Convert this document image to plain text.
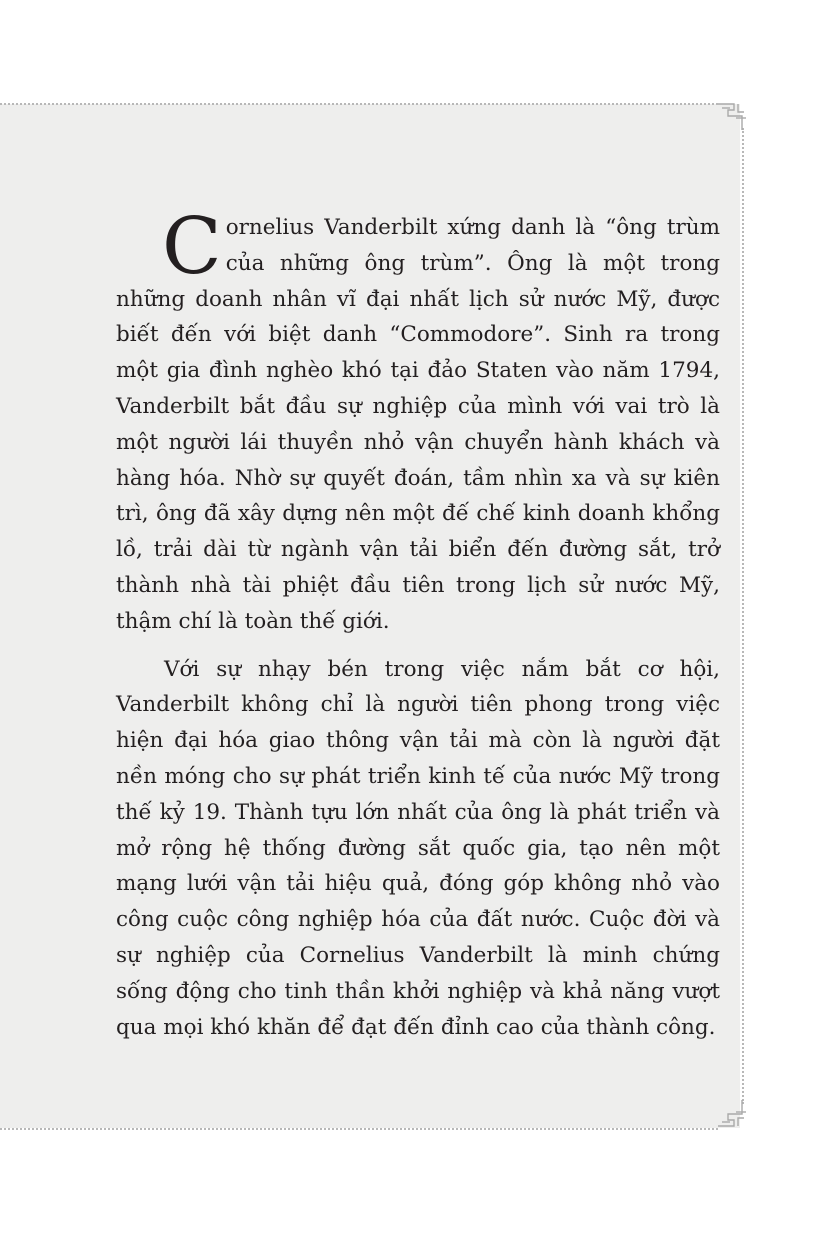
Cornelius Vanderbilt xứng danh là “ông trùm của những ông trùm”. Ông là một trong những doanh nhân vĩ đại nhất lịch sử nước Mỹ, được biết đến với biệt danh “Commodore”. Sinh ra trong một gia đình nghèo khó tại đảo Staten vào năm 1794, Vanderbilt bắt đầu sự nghiệp của mình với vai trò là một người lái thuyền nhỏ vận chuyển hành khách và hàng hóa. Nhờ sự quyết đoán, tầm nhìn xa và sự kiên trì, ông đã xây dựng nên một đế chế kinh doanh khổng lồ, trải dài từ ngành vận tải biển đến đường sắt, trở thành nhà tài phiệt đầu tiên trong lịch sử nước Mỹ, thậm chí là toàn thế giới.

Với sự nhạy bén trong việc nắm bắt cơ hội, Vanderbilt không chỉ là người tiên phong trong việc hiện đại hóa giao thông vận tải mà còn là người đặt nền móng cho sự phát triển kinh tế của nước Mỹ trong thế kỷ 19. Thành tựu lớn nhất của ông là phát triển và mở rộng hệ thống đường sắt quốc gia, tạo nên một mạng lưới vận tải hiệu quả, đóng góp không nhỏ vào công cuộc công nghiệp hóa của đất nước. Cuộc đời và sự nghiệp của Cornelius Vanderbilt là minh chứng sống động cho tinh thần khởi nghiệp và khả năng vượt qua mọi khó khăn để đạt đến đỉnh cao của thành công.
